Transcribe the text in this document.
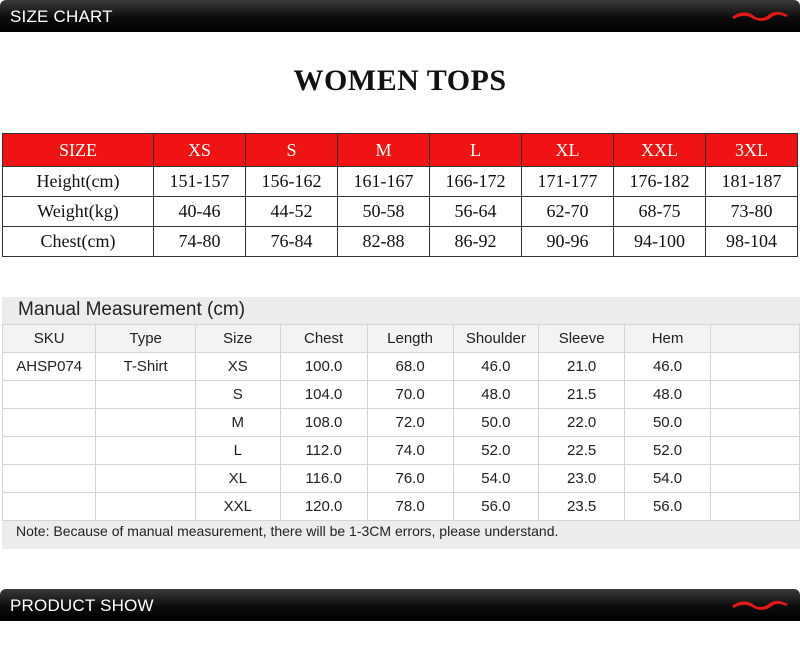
SIZE CHART
WOMEN TOPS
SIZE	XS	S	M	L	XL	XXL	3XL
Height(cm)	151-157	156-162	161-167	166-172	171-177	176-182	181-187
Weight(kg)	40-46	44-52	50-58	56-64	62-70	68-75	73-80
Chest(cm)	74-80	76-84	82-88	86-92	90-96	94-100	98-104
Manual Measurement (cm)
SKU	Type	Size	Chest	Length	Shoulder	Sleeve	Hem	
AHSP074	T-Shirt	XS	100.0	68.0	46.0	21.0	46.0	
		S	104.0	70.0	48.0	21.5	48.0	
		M	108.0	72.0	50.0	22.0	50.0	
		L	112.0	74.0	52.0	22.5	52.0	
		XL	116.0	76.0	54.0	23.0	54.0	
		XXL	120.0	78.0	56.0	23.5	56.0	
Note: Because of manual measurement, there will be 1-3CM errors, please understand.
PRODUCT SHOW
